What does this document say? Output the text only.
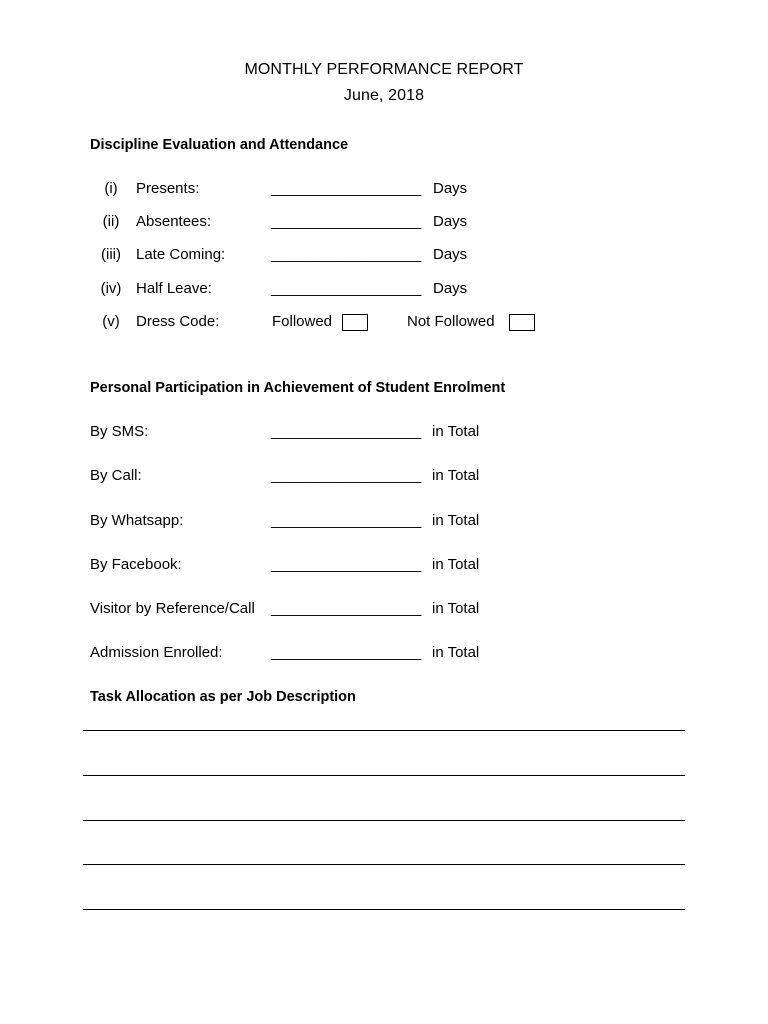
MONTHLY PERFORMANCE REPORT
June, 2018
Discipline Evaluation and Attendance
(i)	Presents:	__________________ Days
(ii)	Absentees:	__________________ Days
(iii)	Late Coming:	__________________ Days
(iv) Half Leave:	__________________ Days
(v)	Dress Code:	Followed	Not Followed
Personal Participation in Achievement of Student Enrolment
By SMS:	__________________ in Total
By Call:	__________________ in Total
By Whatsapp:	__________________ in Total
By Facebook:	__________________ in Total
Visitor by Reference/Call __________________ in Total
Admission Enrolled:	__________________ in Total
Task Allocation as per Job Description
